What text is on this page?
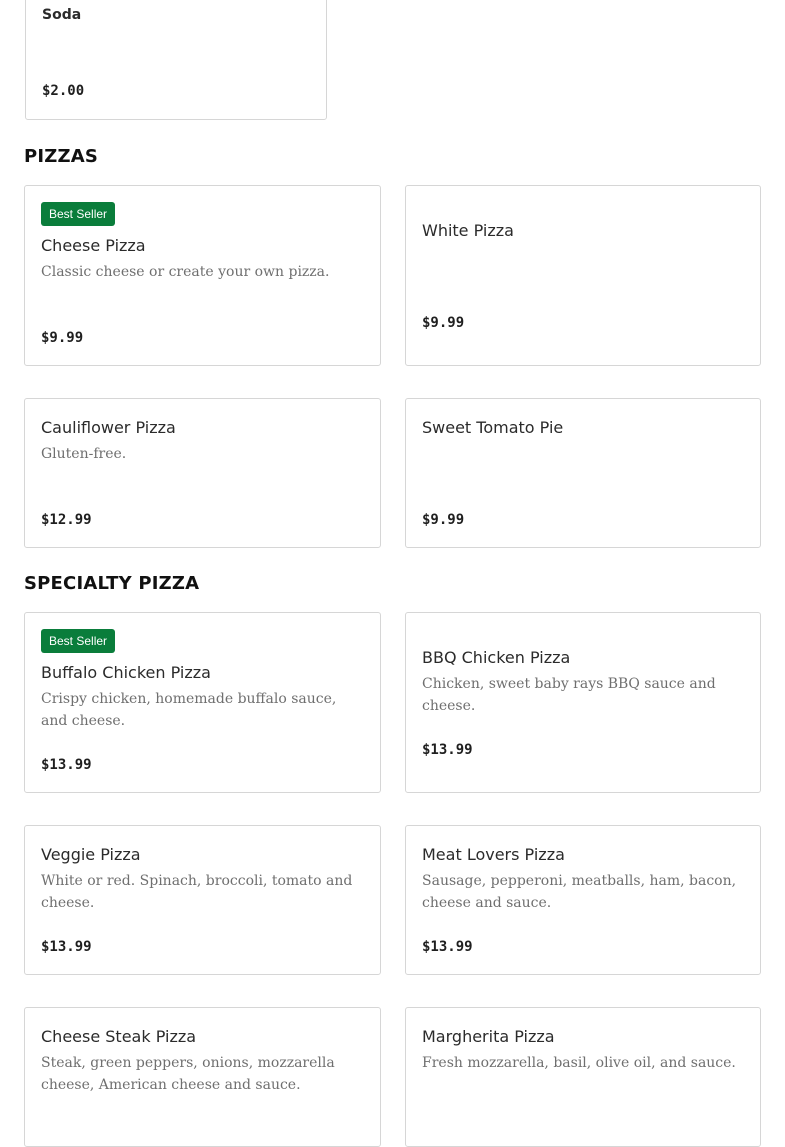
Soda
$2.00
PIZZAS
Best Seller
Cheese Pizza
Classic cheese or create your own pizza.
$9.99
White Pizza
$9.99
Cauliflower Pizza
Gluten-free.
$12.99
Sweet Tomato Pie
$9.99
SPECIALTY PIZZA
Best Seller
Buffalo Chicken Pizza
Crispy chicken, homemade buffalo sauce, and cheese.
$13.99
BBQ Chicken Pizza
Chicken, sweet baby rays BBQ sauce and cheese.
$13.99
Veggie Pizza
White or red. Spinach, broccoli, tomato and cheese.
$13.99
Meat Lovers Pizza
Sausage, pepperoni, meatballs, ham, bacon, cheese and sauce.
$13.99
Cheese Steak Pizza
Steak, green peppers, onions, mozzarella cheese, American cheese and sauce.
Margherita Pizza
Fresh mozzarella, basil, olive oil, and sauce.
